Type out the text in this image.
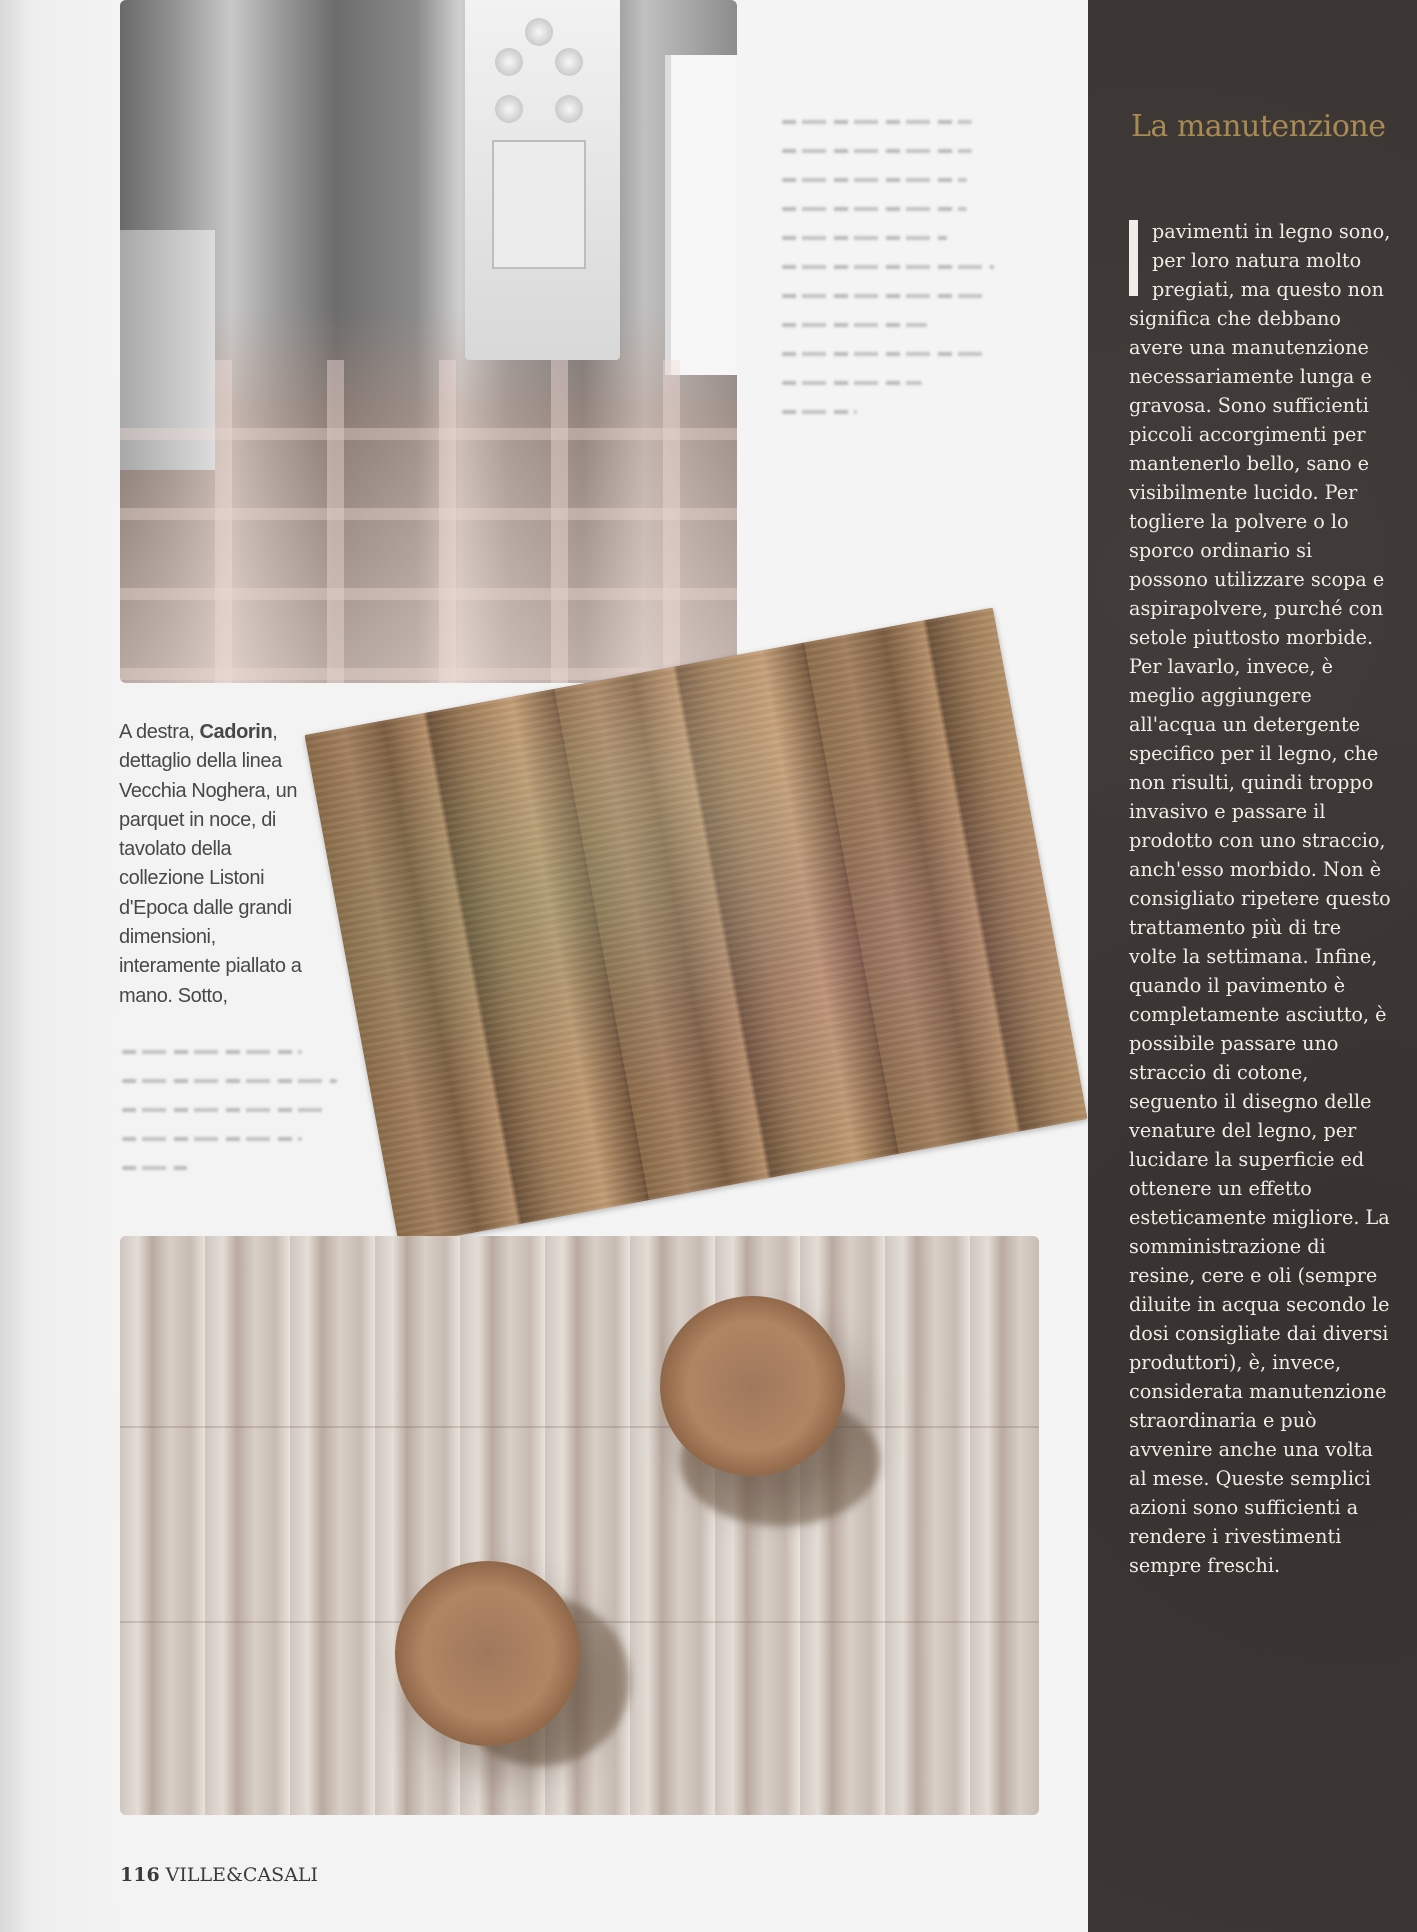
A destra, Cadorin, dettaglio della linea Vecchia Noghera, un parquet in noce, di tavolato della collezione Listoni d'Epoca dalle grandi dimensioni, interamente piallato a mano. Sotto,
116 VILLE&CASALI
La manutenzione
pavimenti in legno sono, per loro natura molto pregiati, ma questo non significa che debbano avere una manutenzione necessariamente lunga e gravosa. Sono sufficienti piccoli accorgimenti per mantenerlo bello, sano e visibilmente lucido. Per togliere la polvere o lo sporco ordinario si possono utilizzare scopa e aspirapolvere, purché con setole piuttosto morbide. Per lavarlo, invece, è meglio aggiungere all'acqua un detergente specifico per il legno, che non risulti, quindi troppo invasivo e passare il prodotto con uno straccio, anch'esso morbido. Non è consigliato ripetere questo trattamento più di tre volte la settimana. Infine, quando il pavimento è completamente asciutto, è possibile passare uno straccio di cotone, seguento il disegno delle venature del legno, per lucidare la superficie ed ottenere un effetto esteticamente migliore. La somministrazione di resine, cere e oli (sempre diluite in acqua secondo le dosi consigliate dai diversi produttori), è, invece, considerata manutenzione straordinaria e può avvenire anche una volta al mese. Queste semplici azioni sono sufficienti a rendere i rivestimenti sempre freschi.
